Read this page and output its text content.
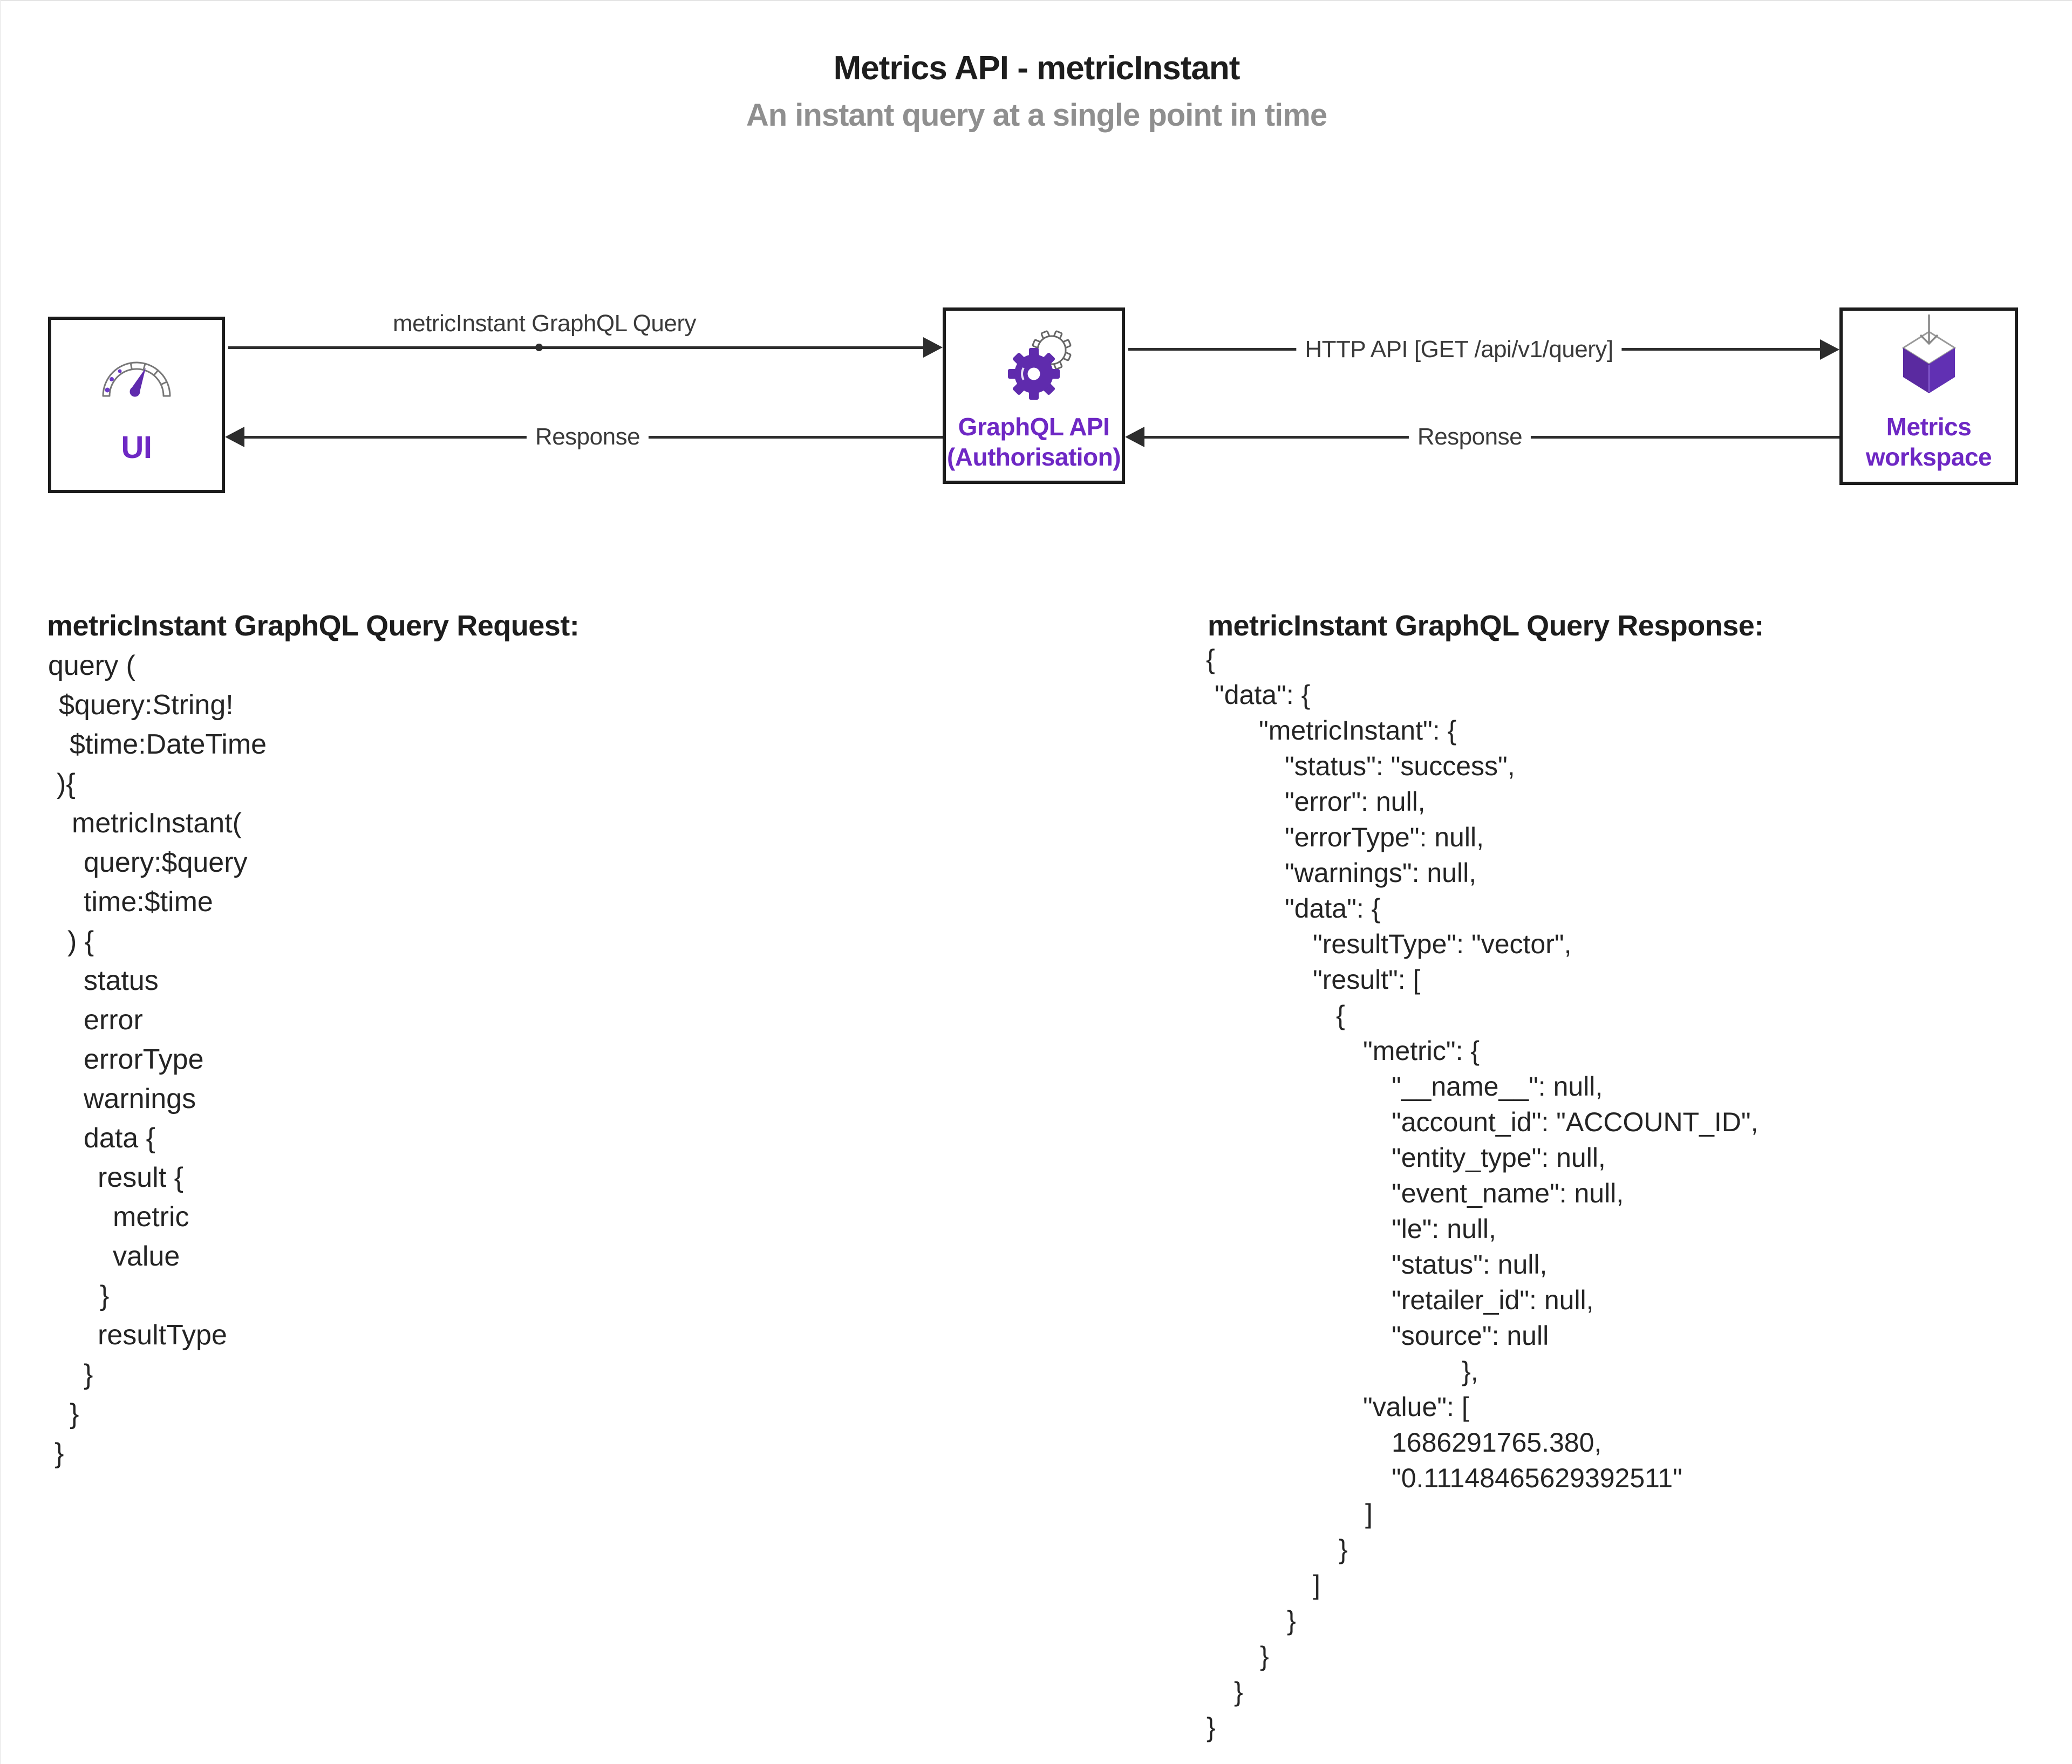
Metrics API - metricInstant
An instant query at a single point in time
UI
GraphQL API
(Authorisation)
Metrics
workspace
metricInstant GraphQL Query
Response
HTTP API [GET /api/v1/query]
Response
metricInstant GraphQL Query Request:
query (
$query:String!
$time:DateTime
){
metricInstant(
query:$query
time:$time
) {
status
error
errorType
warnings
data {
result {
metric
value
}
resultType
}
}
}
metricInstant GraphQL Query Response:
{
"data": {
"metricInstant": {
"status": "success",
"error": null,
"errorType": null,
"warnings": null,
"data": {
"resultType": "vector",
"result": [
{
"metric": {
"__name__": null,
"account_id": "ACCOUNT_ID",
"entity_type": null,
"event_name": null,
"le": null,
"status": null,
"retailer_id": null,
"source": null
},
"value": [
1686291765.380,
"0.11148465629392511"
]
}
]
}
}
}
}
